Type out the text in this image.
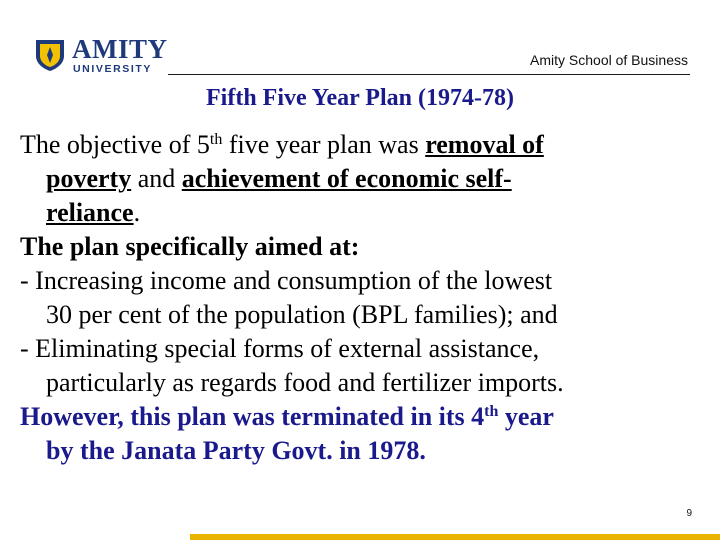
AMITY
UNIVERSITY
Amity School of Business
Fifth Five Year Plan (1974-78)
The objective of 5th five year plan was removal of
poverty and achievement of economic self-
reliance.
The plan specifically aimed at:
- Increasing income and consumption of the lowest
30 per cent of the population (BPL families); and
- Eliminating special forms of external assistance,
particularly as regards food and fertilizer imports.
However, this plan was terminated in its 4th year
by the Janata Party Govt. in 1978.
9
